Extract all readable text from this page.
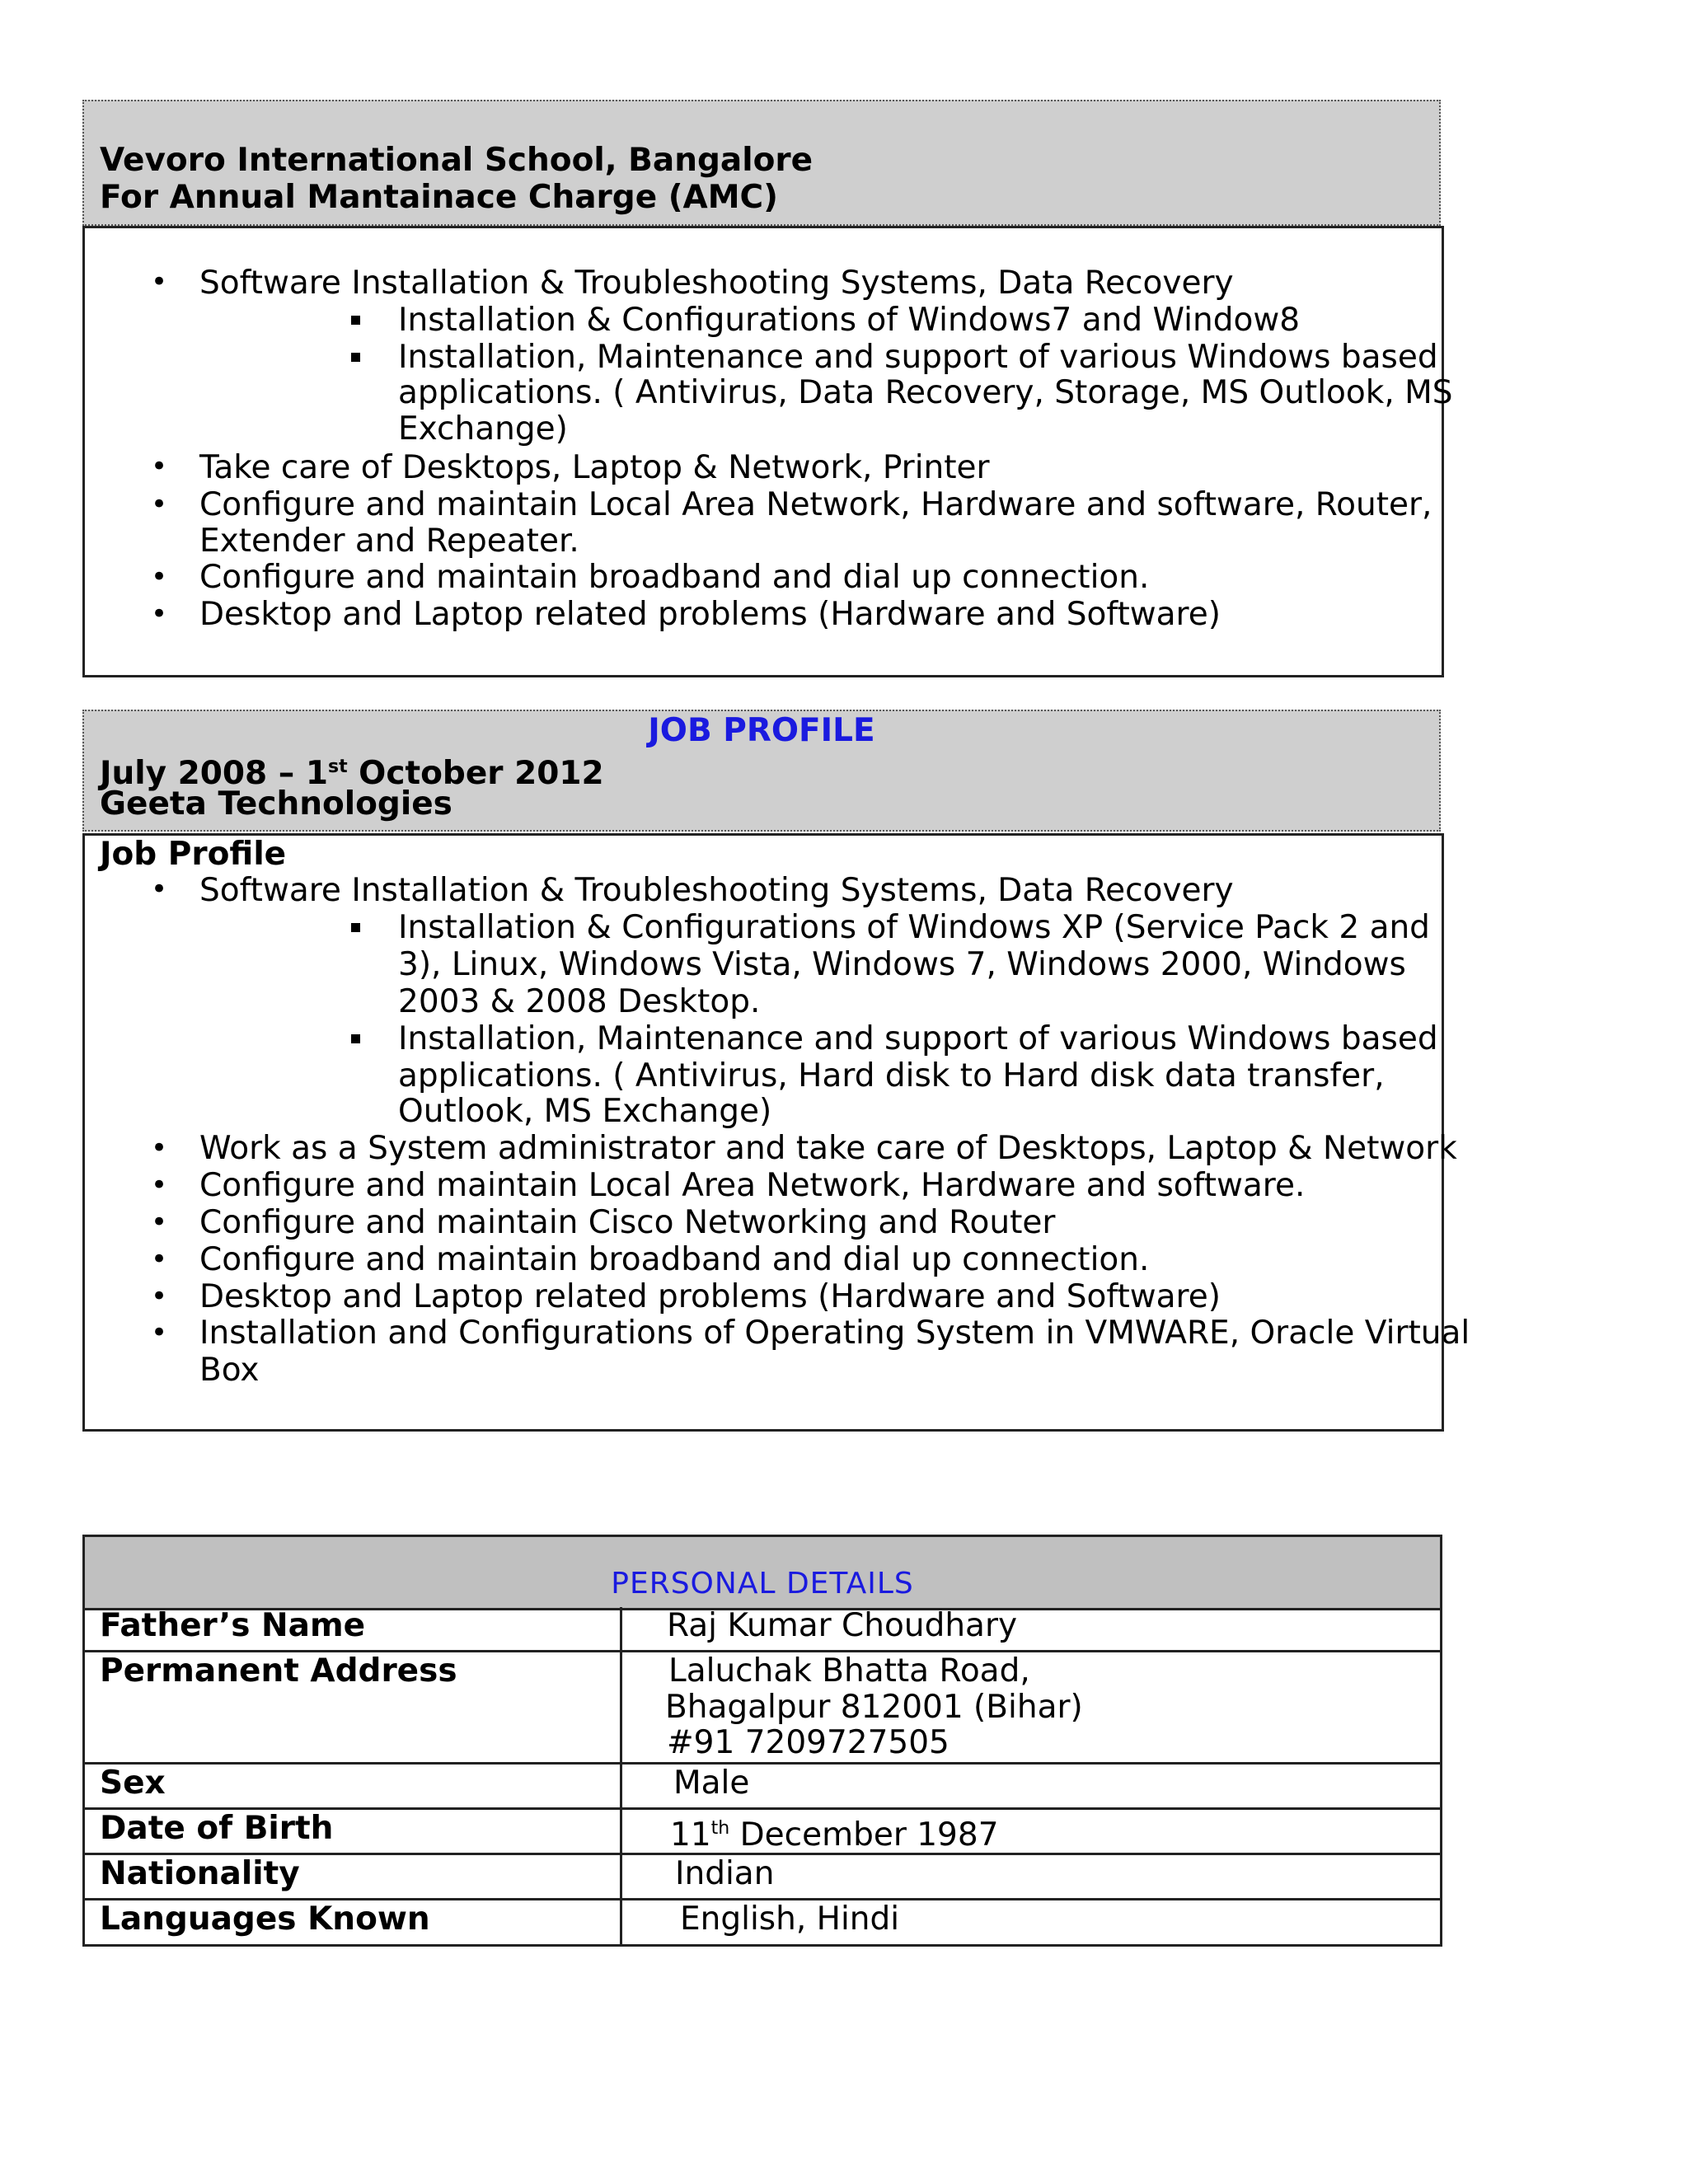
Vevoro International School, Bangalore
For Annual Mantainace Charge (AMC)
• Software Installation & Troubleshooting Systems, Data Recovery
Installation & Configurations of Windows7 and Window8
Installation, Maintenance and support of various Windows based
applications. ( Antivirus, Data Recovery, Storage, MS Outlook, MS
Exchange)
• Take care of Desktops, Laptop & Network, Printer
• Configure and maintain Local Area Network, Hardware and software, Router,
Extender and Repeater.
• Configure and maintain broadband and dial up connection.
• Desktop and Laptop related problems (Hardware and Software)
JOB PROFILE
July 2008 – 1st October 2012
Geeta Technologies
Job Profile
• Software Installation & Troubleshooting Systems, Data Recovery
Installation & Configurations of Windows XP (Service Pack 2 and
3), Linux, Windows Vista, Windows 7, Windows 2000, Windows
2003 & 2008 Desktop.
Installation, Maintenance and support of various Windows based
applications. ( Antivirus, Hard disk to Hard disk data transfer,
Outlook, MS Exchange)
• Work as a System administrator and take care of Desktops, Laptop & Network
• Configure and maintain Local Area Network, Hardware and software.
• Configure and maintain Cisco Networking and Router
• Configure and maintain broadband and dial up connection.
• Desktop and Laptop related problems (Hardware and Software)
• Installation and Configurations of Operating System in VMWARE, Oracle Virtual
Box
PERSONAL DETAILS
Father’s Name	Raj Kumar Choudhary
Permanent Address	Laluchak Bhatta Road,
Bhagalpur 812001 (Bihar)
#91 7209727505
Sex	Male
Date of Birth	11th December 1987
Nationality	Indian
Languages Known	English, Hindi
